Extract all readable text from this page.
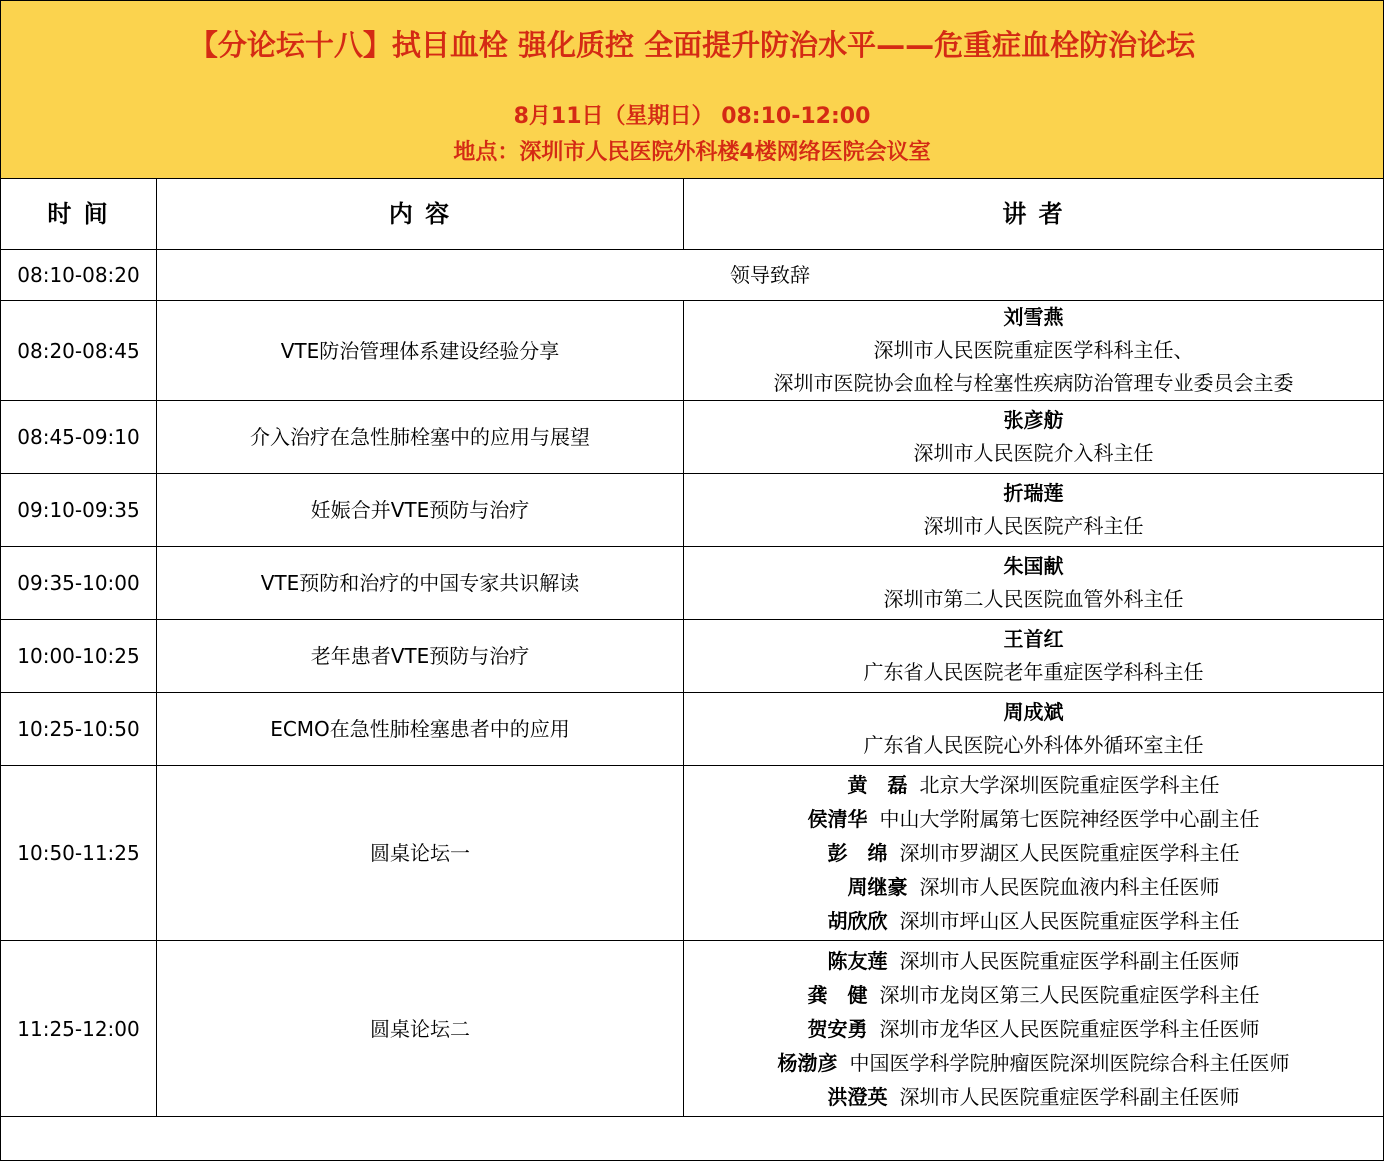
【分论坛十八】拭目血栓 强化质控 全面提升防治水平——危重症血栓防治论坛
8月11日（星期日） 08:10-12:00
地点：深圳市人民医院外科楼4楼网络医院会议室
时 间	内 容	讲 者
08:10-08:20	领导致辞	
08:20-08:45	VTE防治管理体系建设经验分享	刘雪燕
深圳市人民医院重症医学科科主任、
深圳市医院协会血栓与栓塞性疾病防治管理专业委员会主委

08:45-09:10	介入治疗在急性肺栓塞中的应用与展望	张彦舫
深圳市人民医院介入科主任

09:10-09:35	妊娠合并VTE预防与治疗	折瑞莲
深圳市人民医院产科主任

09:35-10:00	VTE预防和治疗的中国专家共识解读	朱国献
深圳市第二人民医院血管外科主任

10:00-10:25	老年患者VTE预防与治疗	王首红
广东省人民医院老年重症医学科科主任

10:25-10:50	ECMO在急性肺栓塞患者中的应用	周成斌
广东省人民医院心外科体外循环室主任

10:50-11:25	圆桌论坛一	黄　磊 北京大学深圳医院重症医学科主任
侯清华 中山大学附属第七医院神经医学中心副主任
彭　绵 深圳市罗湖区人民医院重症医学科主任
周继豪 深圳市人民医院血液内科主任医师
胡欣欣 深圳市坪山区人民医院重症医学科主任

11:25-12:00	圆桌论坛二	陈友莲 深圳市人民医院重症医学科副主任医师
龚　健 深圳市龙岗区第三人民医院重症医学科主任
贺安勇 深圳市龙华区人民医院重症医学科主任医师
杨渤彦 中国医学科学院肿瘤医院深圳医院综合科主任医师
洪澄英 深圳市人民医院重症医学科副主任医师
